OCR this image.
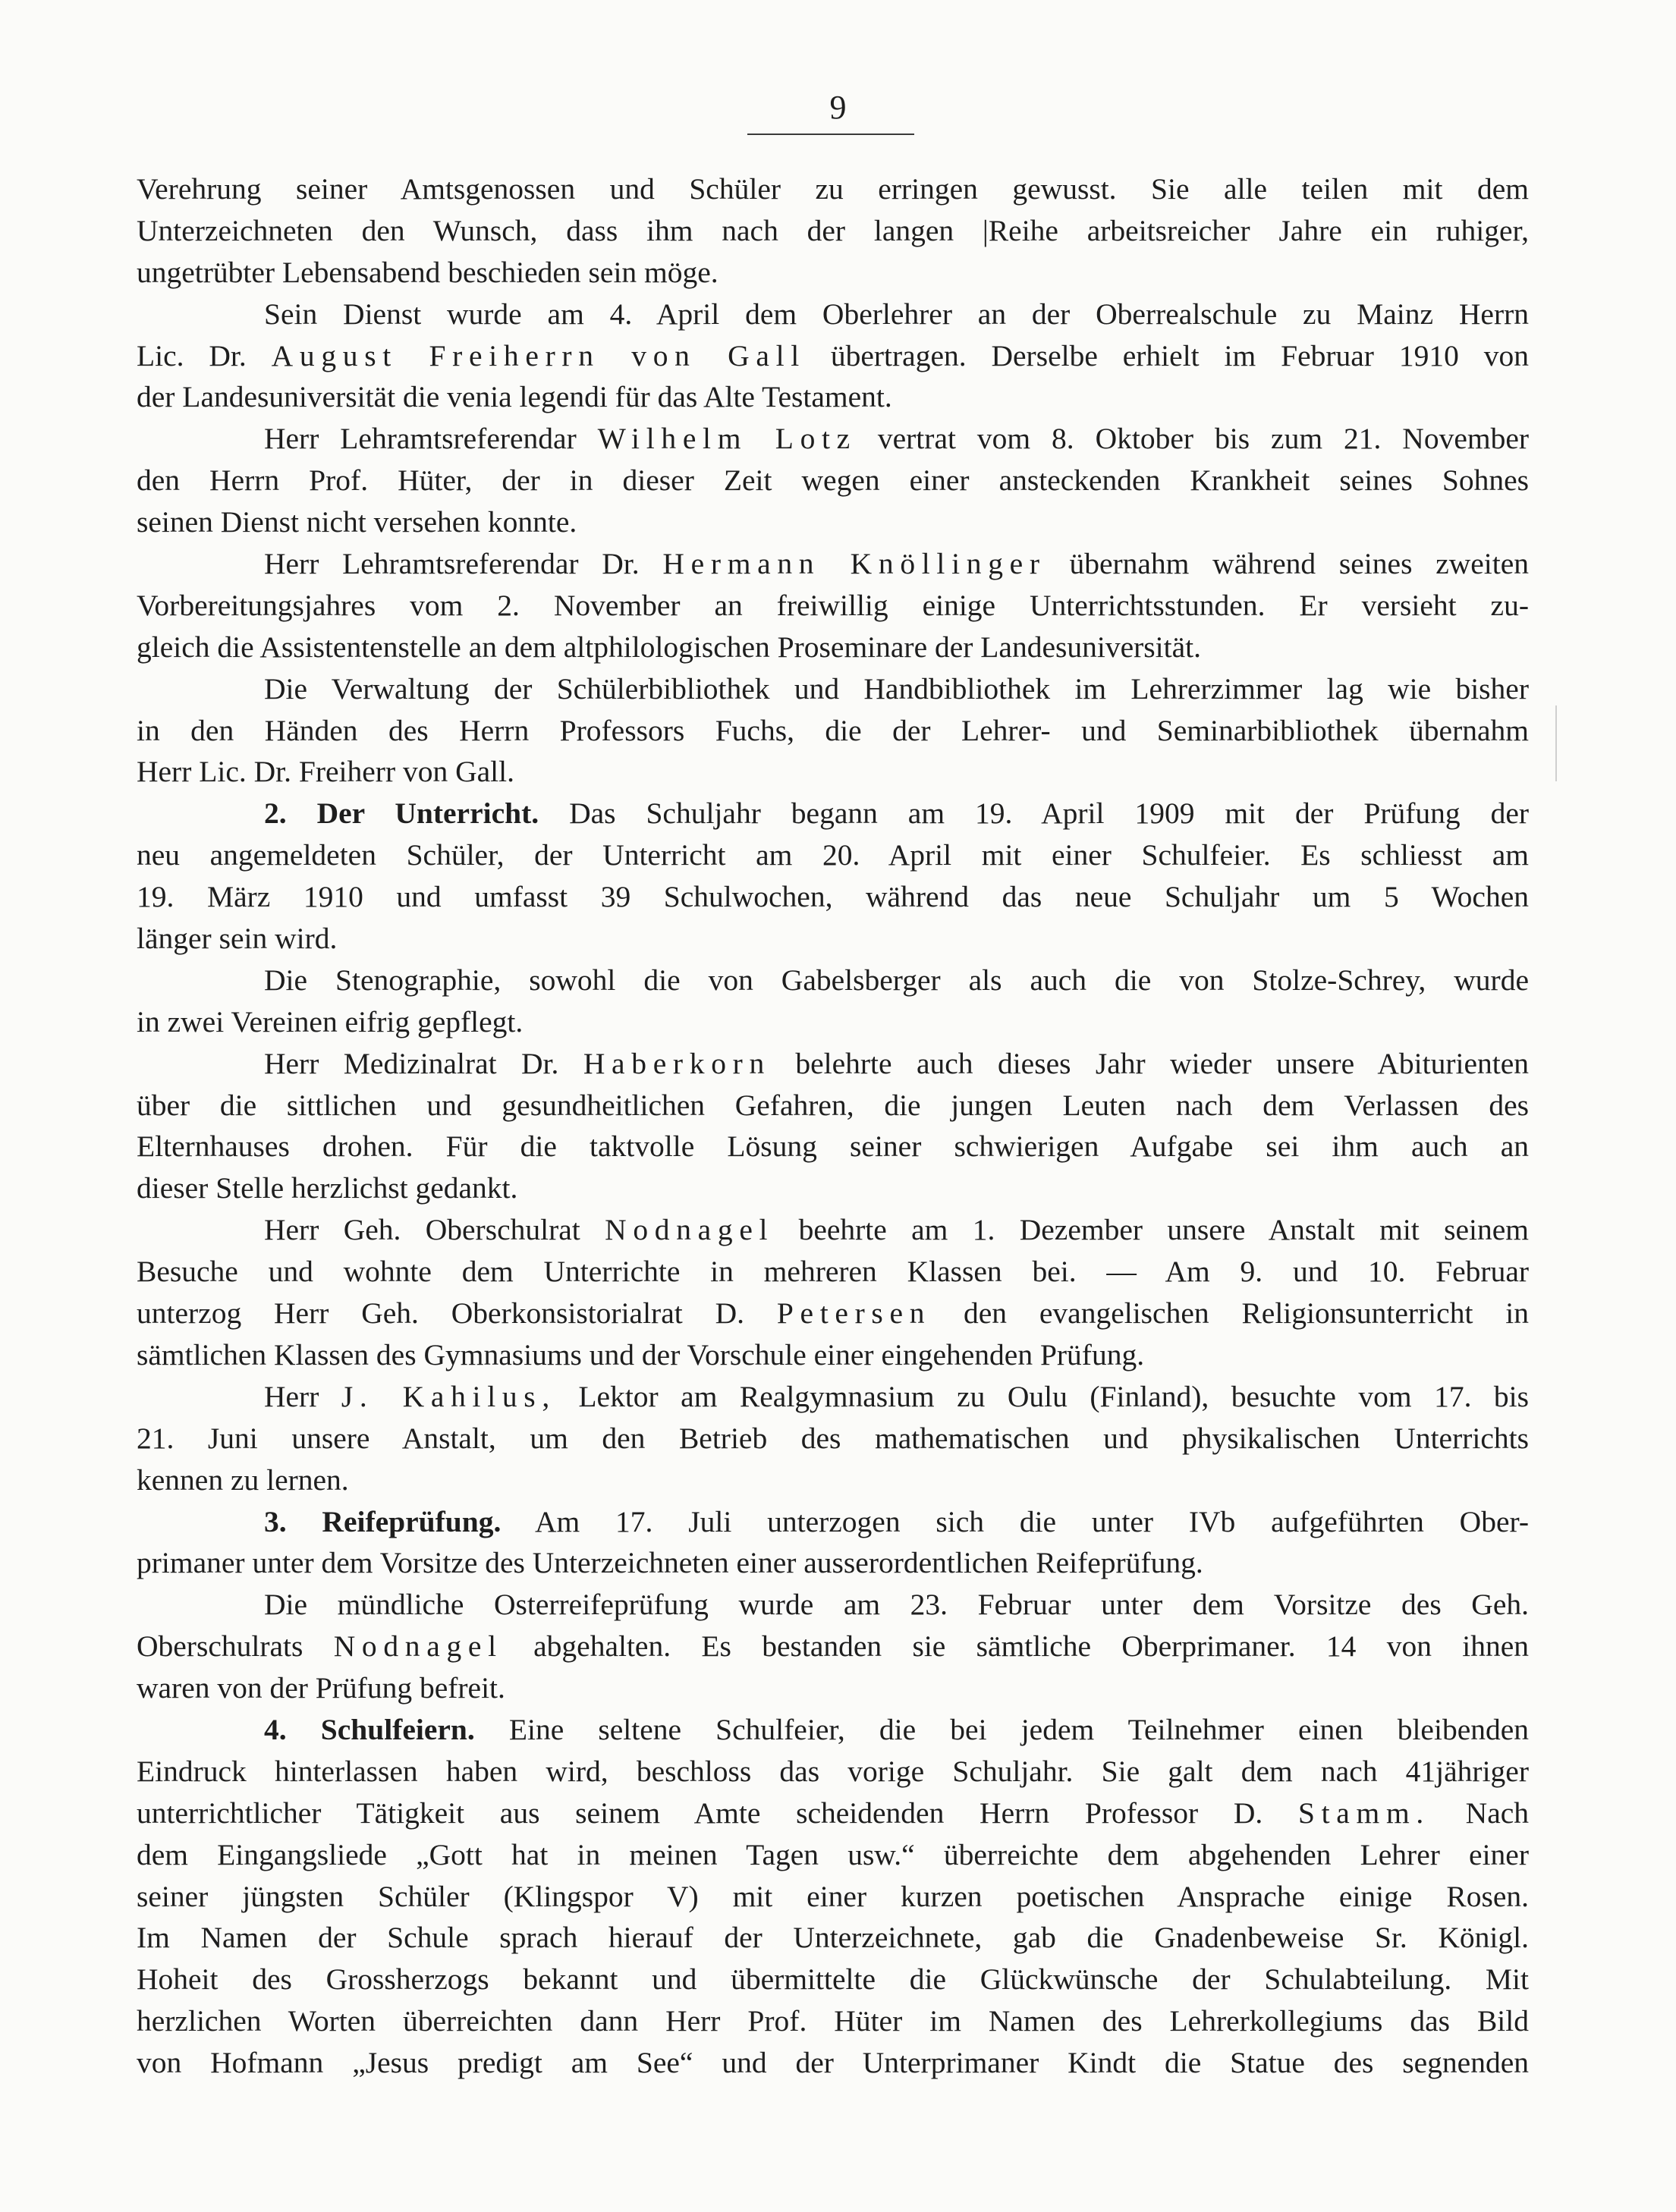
9
Verehrung seiner Amtsgenossen und Schüler zu erringen gewusst. Sie alle teilen mit dem
Unterzeichneten den Wunsch, dass ihm nach der langen |Reihe arbeitsreicher Jahre ein ruhiger,
ungetrübter Lebensabend beschieden sein möge.
Sein Dienst wurde am 4. April dem Oberlehrer an der Oberrealschule zu Mainz Herrn
Lic. Dr. August Freiherrn von Gall übertragen. Derselbe erhielt im Februar 1910 von
der Landesuniversität die venia legendi für das Alte Testament.
Herr Lehramtsreferendar Wilhelm Lotz vertrat vom 8. Oktober bis zum 21. November
den Herrn Prof. Hüter, der in dieser Zeit wegen einer ansteckenden Krankheit seines Sohnes
seinen Dienst nicht versehen konnte.
Herr Lehramtsreferendar Dr. Hermann Knöllinger übernahm während seines zweiten
Vorbereitungsjahres vom 2. November an freiwillig einige Unterrichtsstunden. Er versieht zu-
gleich die Assistentenstelle an dem altphilologischen Proseminare der Landesuniversität.
Die Verwaltung der Schülerbibliothek und Handbibliothek im Lehrerzimmer lag wie bisher
in den Händen des Herrn Professors Fuchs, die der Lehrer- und Seminarbibliothek übernahm
Herr Lic. Dr. Freiherr von Gall.
2. Der Unterricht. Das Schuljahr begann am 19. April 1909 mit der Prüfung der
neu angemeldeten Schüler, der Unterricht am 20. April mit einer Schulfeier. Es schliesst am
19. März 1910 und umfasst 39 Schulwochen, während das neue Schuljahr um 5 Wochen
länger sein wird.
Die Stenographie, sowohl die von Gabelsberger als auch die von Stolze-Schrey, wurde
in zwei Vereinen eifrig gepflegt.
Herr Medizinalrat Dr. Haberkorn belehrte auch dieses Jahr wieder unsere Abiturienten
über die sittlichen und gesundheitlichen Gefahren, die jungen Leuten nach dem Verlassen des
Elternhauses drohen. Für die taktvolle Lösung seiner schwierigen Aufgabe sei ihm auch an
dieser Stelle herzlichst gedankt.
Herr Geh. Oberschulrat Nodnagel beehrte am 1. Dezember unsere Anstalt mit seinem
Besuche und wohnte dem Unterrichte in mehreren Klassen bei. — Am 9. und 10. Februar
unterzog Herr Geh. Oberkonsistorialrat D. Petersen den evangelischen Religionsunterricht in
sämtlichen Klassen des Gymnasiums und der Vorschule einer eingehenden Prüfung.
Herr J. Kahilus, Lektor am Realgymnasium zu Oulu (Finland), besuchte vom 17. bis
21. Juni unsere Anstalt, um den Betrieb des mathematischen und physikalischen Unterrichts
kennen zu lernen.
3. Reifeprüfung. Am 17. Juli unterzogen sich die unter IVb aufgeführten Ober-
primaner unter dem Vorsitze des Unterzeichneten einer ausserordentlichen Reifeprüfung.
Die mündliche Osterreifeprüfung wurde am 23. Februar unter dem Vorsitze des Geh.
Oberschulrats Nodnagel abgehalten. Es bestanden sie sämtliche Oberprimaner. 14 von ihnen
waren von der Prüfung befreit.
4. Schulfeiern. Eine seltene Schulfeier, die bei jedem Teilnehmer einen bleibenden
Eindruck hinterlassen haben wird, beschloss das vorige Schuljahr. Sie galt dem nach 41jähriger
unterrichtlicher Tätigkeit aus seinem Amte scheidenden Herrn Professor D. Stamm. Nach
dem Eingangsliede „Gott hat in meinen Tagen usw.“ überreichte dem abgehenden Lehrer einer
seiner jüngsten Schüler (Klingspor V) mit einer kurzen poetischen Ansprache einige Rosen.
Im Namen der Schule sprach hierauf der Unterzeichnete, gab die Gnadenbeweise Sr. Königl.
Hoheit des Grossherzogs bekannt und übermittelte die Glückwünsche der Schulabteilung. Mit
herzlichen Worten überreichten dann Herr Prof. Hüter im Namen des Lehrerkollegiums das Bild
von Hofmann „Jesus predigt am See“ und der Unterprimaner Kindt die Statue des segnenden
